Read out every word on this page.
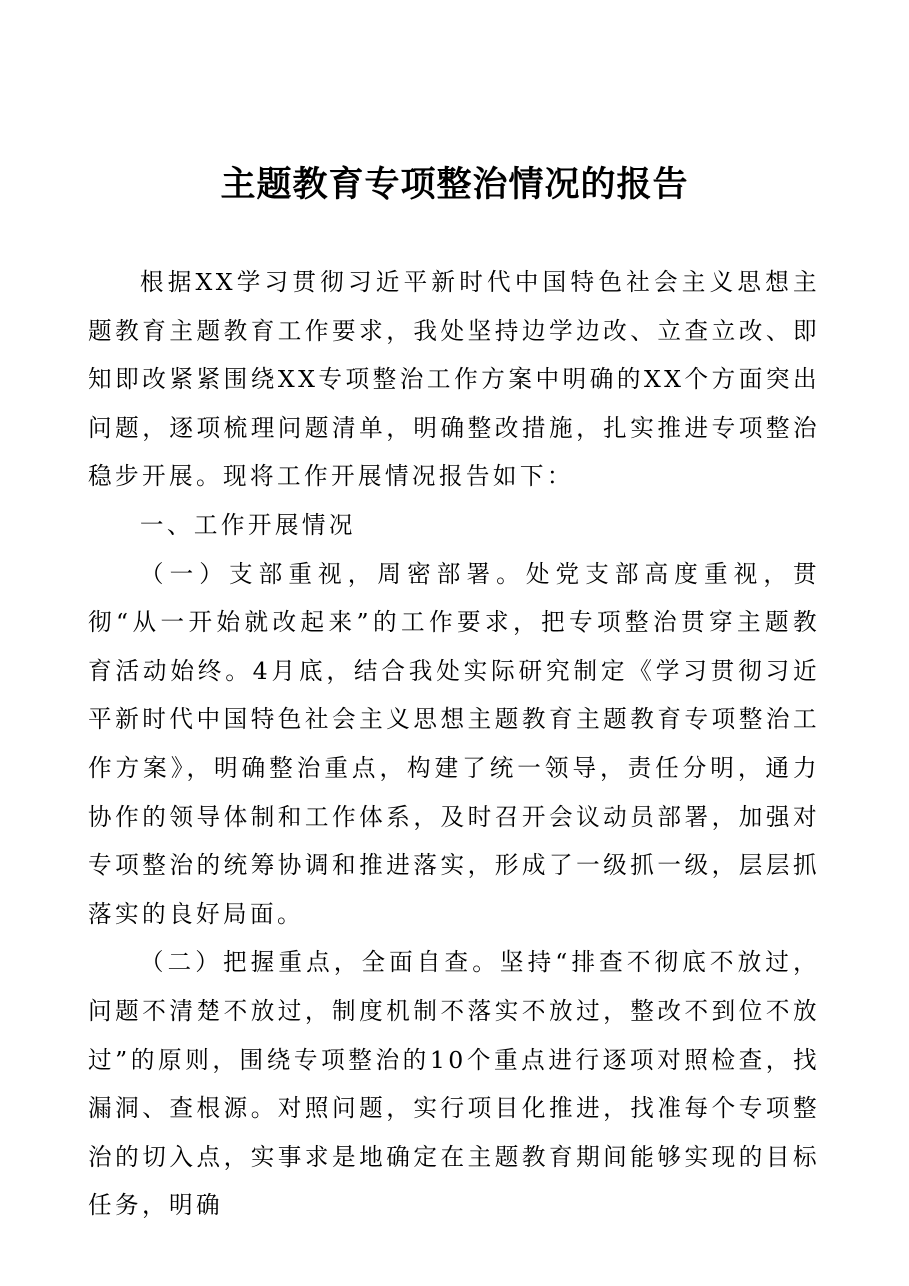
主题教育专项整治情况的报告

根据XX学习贯彻习近平新时代中国特色社会主义思想主题教育主题教育工作要求，我处坚持边学边改、立查立改、即知即改紧紧围绕XX专项整治工作方案中明确的XX个方面突出问题，逐项梳理问题清单，明确整改措施，扎实推进专项整治稳步开展。现将工作开展情况报告如下：

一、工作开展情况

（一）支部重视，周密部署。处党支部高度重视，贯彻“从一开始就改起来”的工作要求，把专项整治贯穿主题教育活动始终。4月底，结合我处实际研究制定《学习贯彻习近平新时代中国特色社会主义思想主题教育主题教育专项整治工作方案》，明确整治重点，构建了统一领导，责任分明，通力协作的领导体制和工作体系，及时召开会议动员部署，加强对专项整治的统筹协调和推进落实，形成了一级抓一级，层层抓落实的良好局面。

（二）把握重点，全面自查。坚持“排查不彻底不放过，问题不清楚不放过，制度机制不落实不放过，整改不到位不放过”的原则，围绕专项整治的10个重点进行逐项对照检查，找漏洞、查根源。对照问题，实行项目化推进，找准每个专项整治的切入点，实事求是地确定在主题教育期间能够实现的目标任务，明确
